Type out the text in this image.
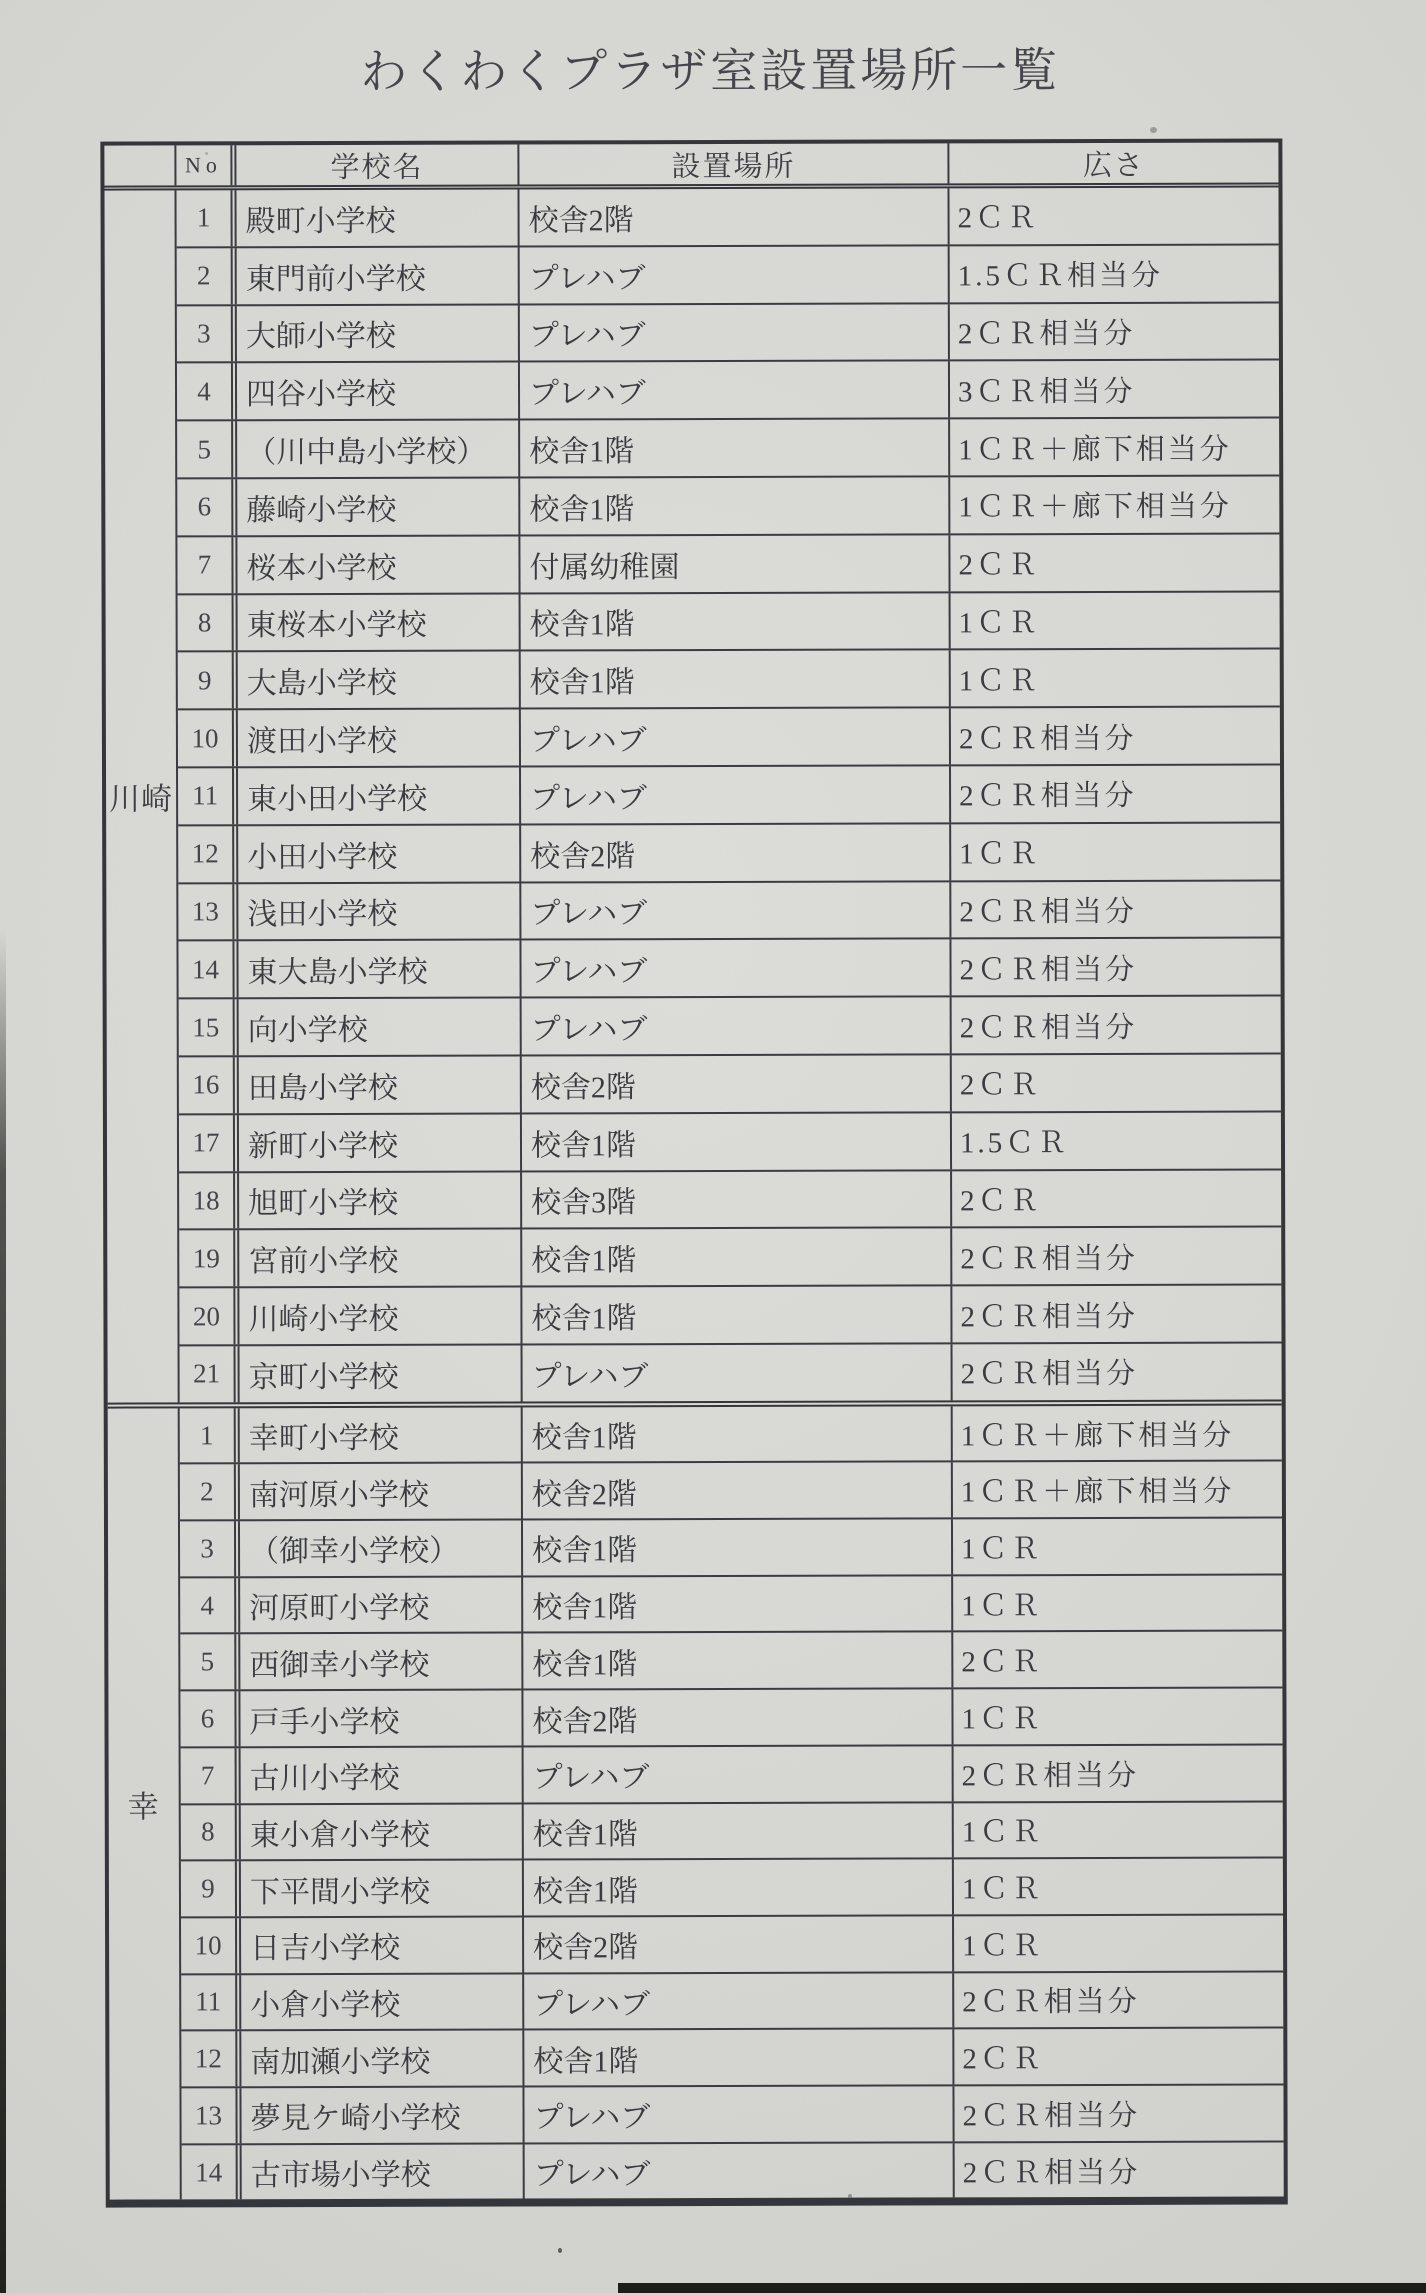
わくわくプラザ室設置場所一覧
No	学校名	設置場所	広さ
川崎
1	殿町小学校	校舎2階	2ＣＲ
2	東門前小学校	プレハブ	1.5ＣＲ相当分
3	大師小学校	プレハブ	2ＣＲ相当分
4	四谷小学校	プレハブ	3ＣＲ相当分
5	（川中島小学校）	校舎1階	1ＣＲ＋廊下相当分
6	藤崎小学校	校舎1階	1ＣＲ＋廊下相当分
7	桜本小学校	付属幼稚園	2ＣＲ
8	東桜本小学校	校舎1階	1ＣＲ
9	大島小学校	校舎1階	1ＣＲ
10 渡田小学校	プレハブ	2ＣＲ相当分
11 東小田小学校	プレハブ	2ＣＲ相当分
12 小田小学校	校舎2階	1ＣＲ
13 浅田小学校	プレハブ	2ＣＲ相当分
14 東大島小学校	プレハブ	2ＣＲ相当分
15 向小学校	プレハブ	2ＣＲ相当分
16 田島小学校	校舎2階	2ＣＲ
17 新町小学校	校舎1階	1.5ＣＲ
18 旭町小学校	校舎3階	2ＣＲ
19 宮前小学校	校舎1階	2ＣＲ相当分
20 川崎小学校	校舎1階	2ＣＲ相当分
21 京町小学校	プレハブ	2ＣＲ相当分
幸
1	幸町小学校	校舎1階	1ＣＲ＋廊下相当分
2	南河原小学校	校舎2階	1ＣＲ＋廊下相当分
3	（御幸小学校）	校舎1階	1ＣＲ
4	河原町小学校	校舎1階	1ＣＲ
5	西御幸小学校	校舎1階	2ＣＲ
6	戸手小学校	校舎2階	1ＣＲ
7	古川小学校	プレハブ	2ＣＲ相当分
8	東小倉小学校	校舎1階	1ＣＲ
9	下平間小学校	校舎1階	1ＣＲ
10 日吉小学校	校舎2階	1ＣＲ
11 小倉小学校	プレハブ	2ＣＲ相当分
12 南加瀬小学校	校舎1階	2ＣＲ
13 夢見ケ崎小学校	プレハブ	2ＣＲ相当分
14 古市場小学校	プレハブ	2ＣＲ相当分
